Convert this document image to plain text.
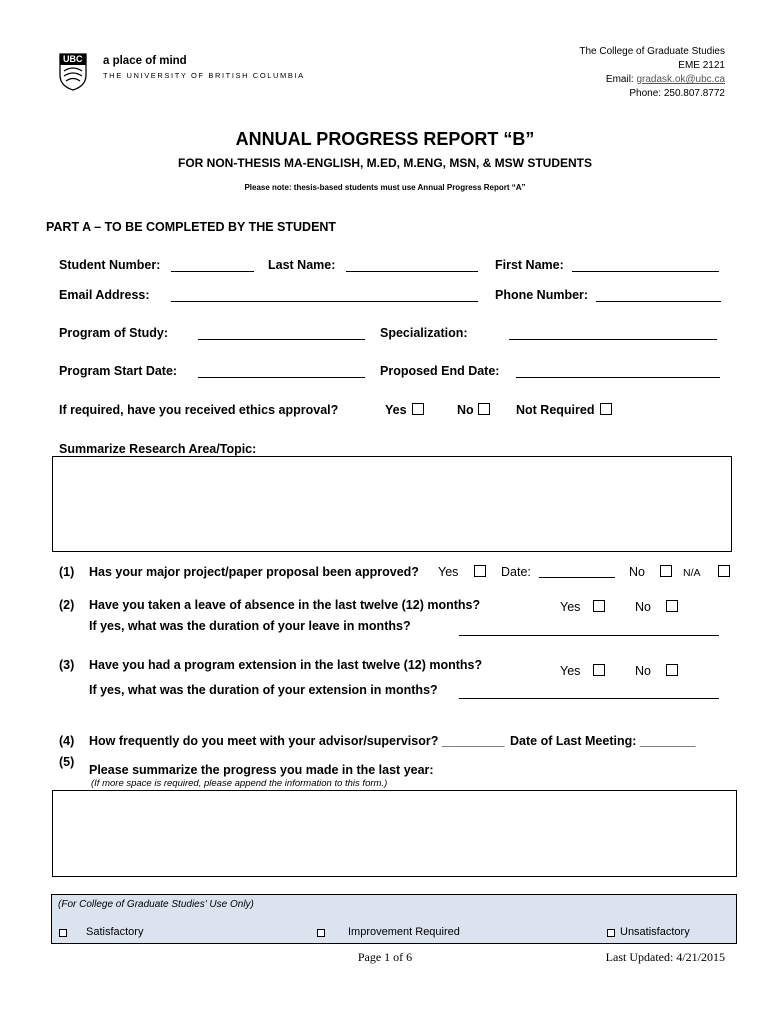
UBC a place of mind
THE UNIVERSITY OF BRITISH COLUMBIA
The College of Graduate Studies
EME 2121
Email: gradask.ok@ubc.ca
Phone: 250.807.8772
ANNUAL PROGRESS REPORT “B”
FOR NON-THESIS MA-ENGLISH, M.ED, M.ENG, MSN, & MSW STUDENTS
Please note: thesis-based students must use Annual Progress Report “A”
PART A – TO BE COMPLETED BY THE STUDENT
Student Number:	Last Name:	First Name:
Email Address:	Phone Number:
Program of Study:	Specialization:
Program Start Date:	Proposed End Date:
If required, have you received ethics approval?	Yes	No	Not Required
Summarize Research Area/Topic:
(1) Has your major project/paper proposal been approved? Yes	Date:	No	N/A
(2) Have you taken a leave of absence in the last twelve (12) months?
If yes, what was the duration of your leave in months?
Yes	No
(3) Have you had a program extension in the last twelve (12) months?
If yes, what was the duration of your extension in months?
Yes	No
(4) How frequently do you meet with your advisor/supervisor? _________ Date of Last Meeting: ________
(5)
Please summarize the progress you made in the last year:
(If more space is required, please append the information to this form.)
(For College of Graduate Studies' Use Only)
Satisfactory	Improvement Required	Unsatisfactory
Page 1 of 6	Last Updated: 4/21/2015
